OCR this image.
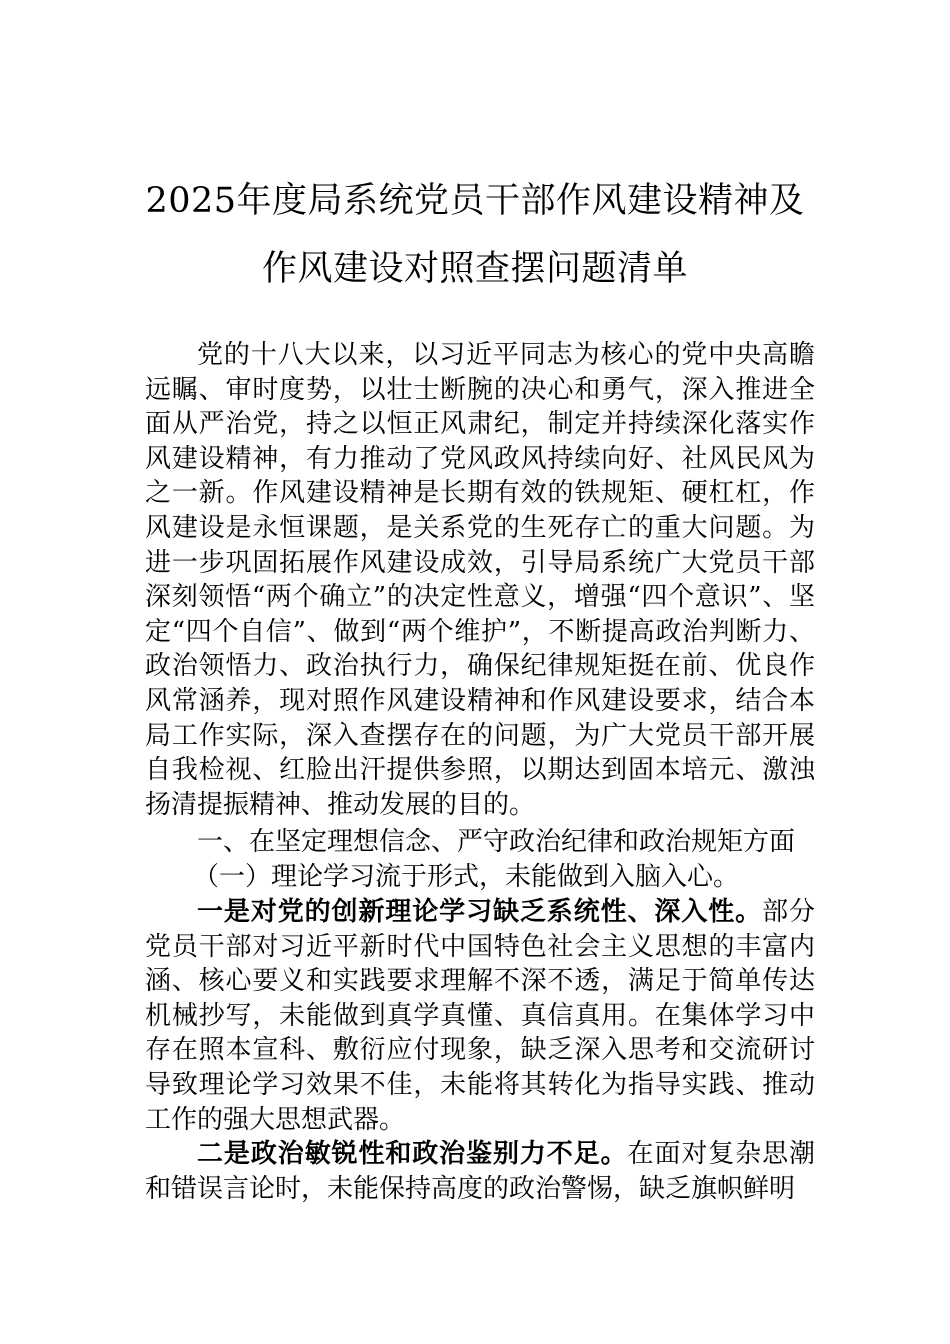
2025年度局系统党员干部作风建设精神及
作风建设对照查摆问题清单

党的十八大以来，以习近平同志为核心的党中央高瞻远瞩、审时度势，以壮士断腕的决心和勇气，深入推进全面从严治党，持之以恒正风肃纪，制定并持续深化落实作风建设精神，有力推动了党风政风持续向好、社风民风为之一新。作风建设精神是长期有效的铁规矩、硬杠杠，作风建设是永恒课题，是关系党的生死存亡的重大问题。为进一步巩固拓展作风建设成效，引导局系统广大党员干部深刻领悟“两个确立”的决定性意义，增强“四个意识”、坚定“四个自信”、做到“两个维护”，不断提高政治判断力、政治领悟力、政治执行力，确保纪律规矩挺在前、优良作风常涵养，现对照作风建设精神和作风建设要求，结合本局工作实际，深入查摆存在的问题，为广大党员干部开展自我检视、红脸出汗提供参照，以期达到固本培元、激浊扬清提振精神、推动发展的目的。

一、在坚定理想信念、严守政治纪律和政治规矩方面

（一）理论学习流于形式，未能做到入脑入心。

一是对党的创新理论学习缺乏系统性、深入性。部分党员干部对习近平新时代中国特色社会主义思想的丰富内涵、核心要义和实践要求理解不深不透，满足于简单传达机械抄写，未能做到真学真懂、真信真用。在集体学习中存在照本宣科、敷衍应付现象，缺乏深入思考和交流研讨导致理论学习效果不佳，未能将其转化为指导实践、推动工作的强大思想武器。

二是政治敏锐性和政治鉴别力不足。在面对复杂思潮和错误言论时，未能保持高度的政治警惕，缺乏旗帜鲜明
